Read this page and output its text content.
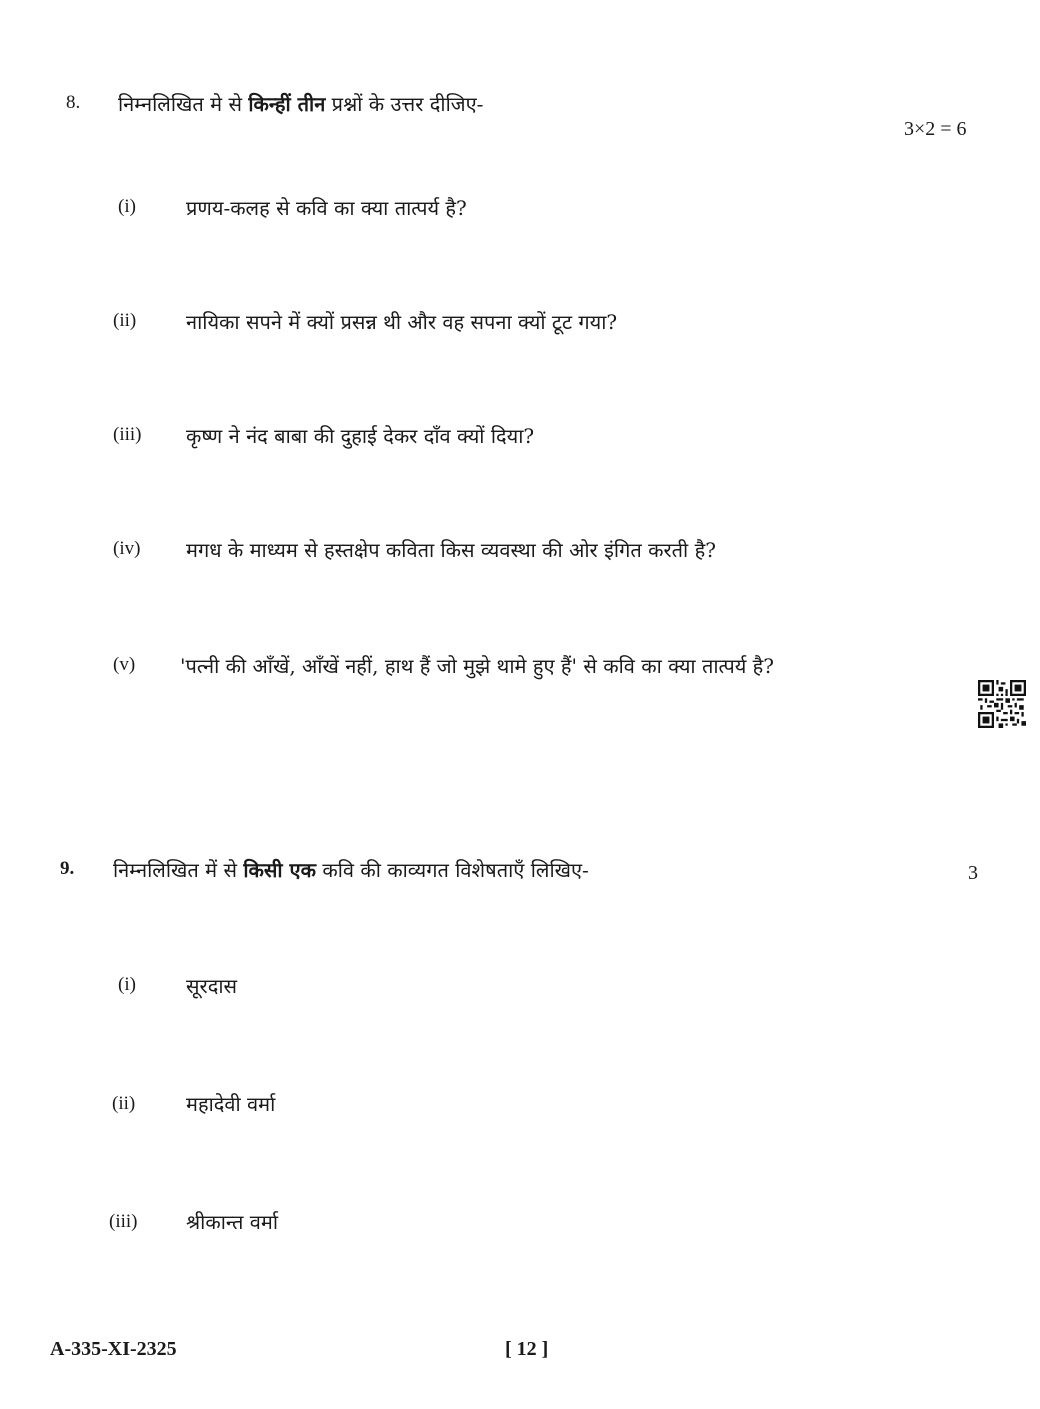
8. निम्नलिखित मे से किन्हीं तीन प्रश्नों के उत्तर दीजिए-
3×2 = 6
(i)	प्रणय-कलह से कवि का क्या तात्पर्य है?
(ii) नायिका सपने में क्यों प्रसन्न थी और वह सपना क्यों टूट गया?
(iii) कृष्ण ने नंद बाबा की दुहाई देकर दाँव क्यों दिया?
(iv) मगध के माध्यम से हस्तक्षेप कविता किस व्यवस्था की ओर इंगित करती है?
(v) 'पत्नी की आँखें, आँखें नहीं, हाथ हैं जो मुझे थामे हुए हैं' से कवि का क्या तात्पर्य है?
9. निम्नलिखित में से किसी एक कवि की काव्यगत विशेषताएँ लिखिए-	3
(i)	सूरदास
(ii)	महादेवी वर्मा
(iii) श्रीकान्त वर्मा
A-335-XI-2325	[ 12 ]
